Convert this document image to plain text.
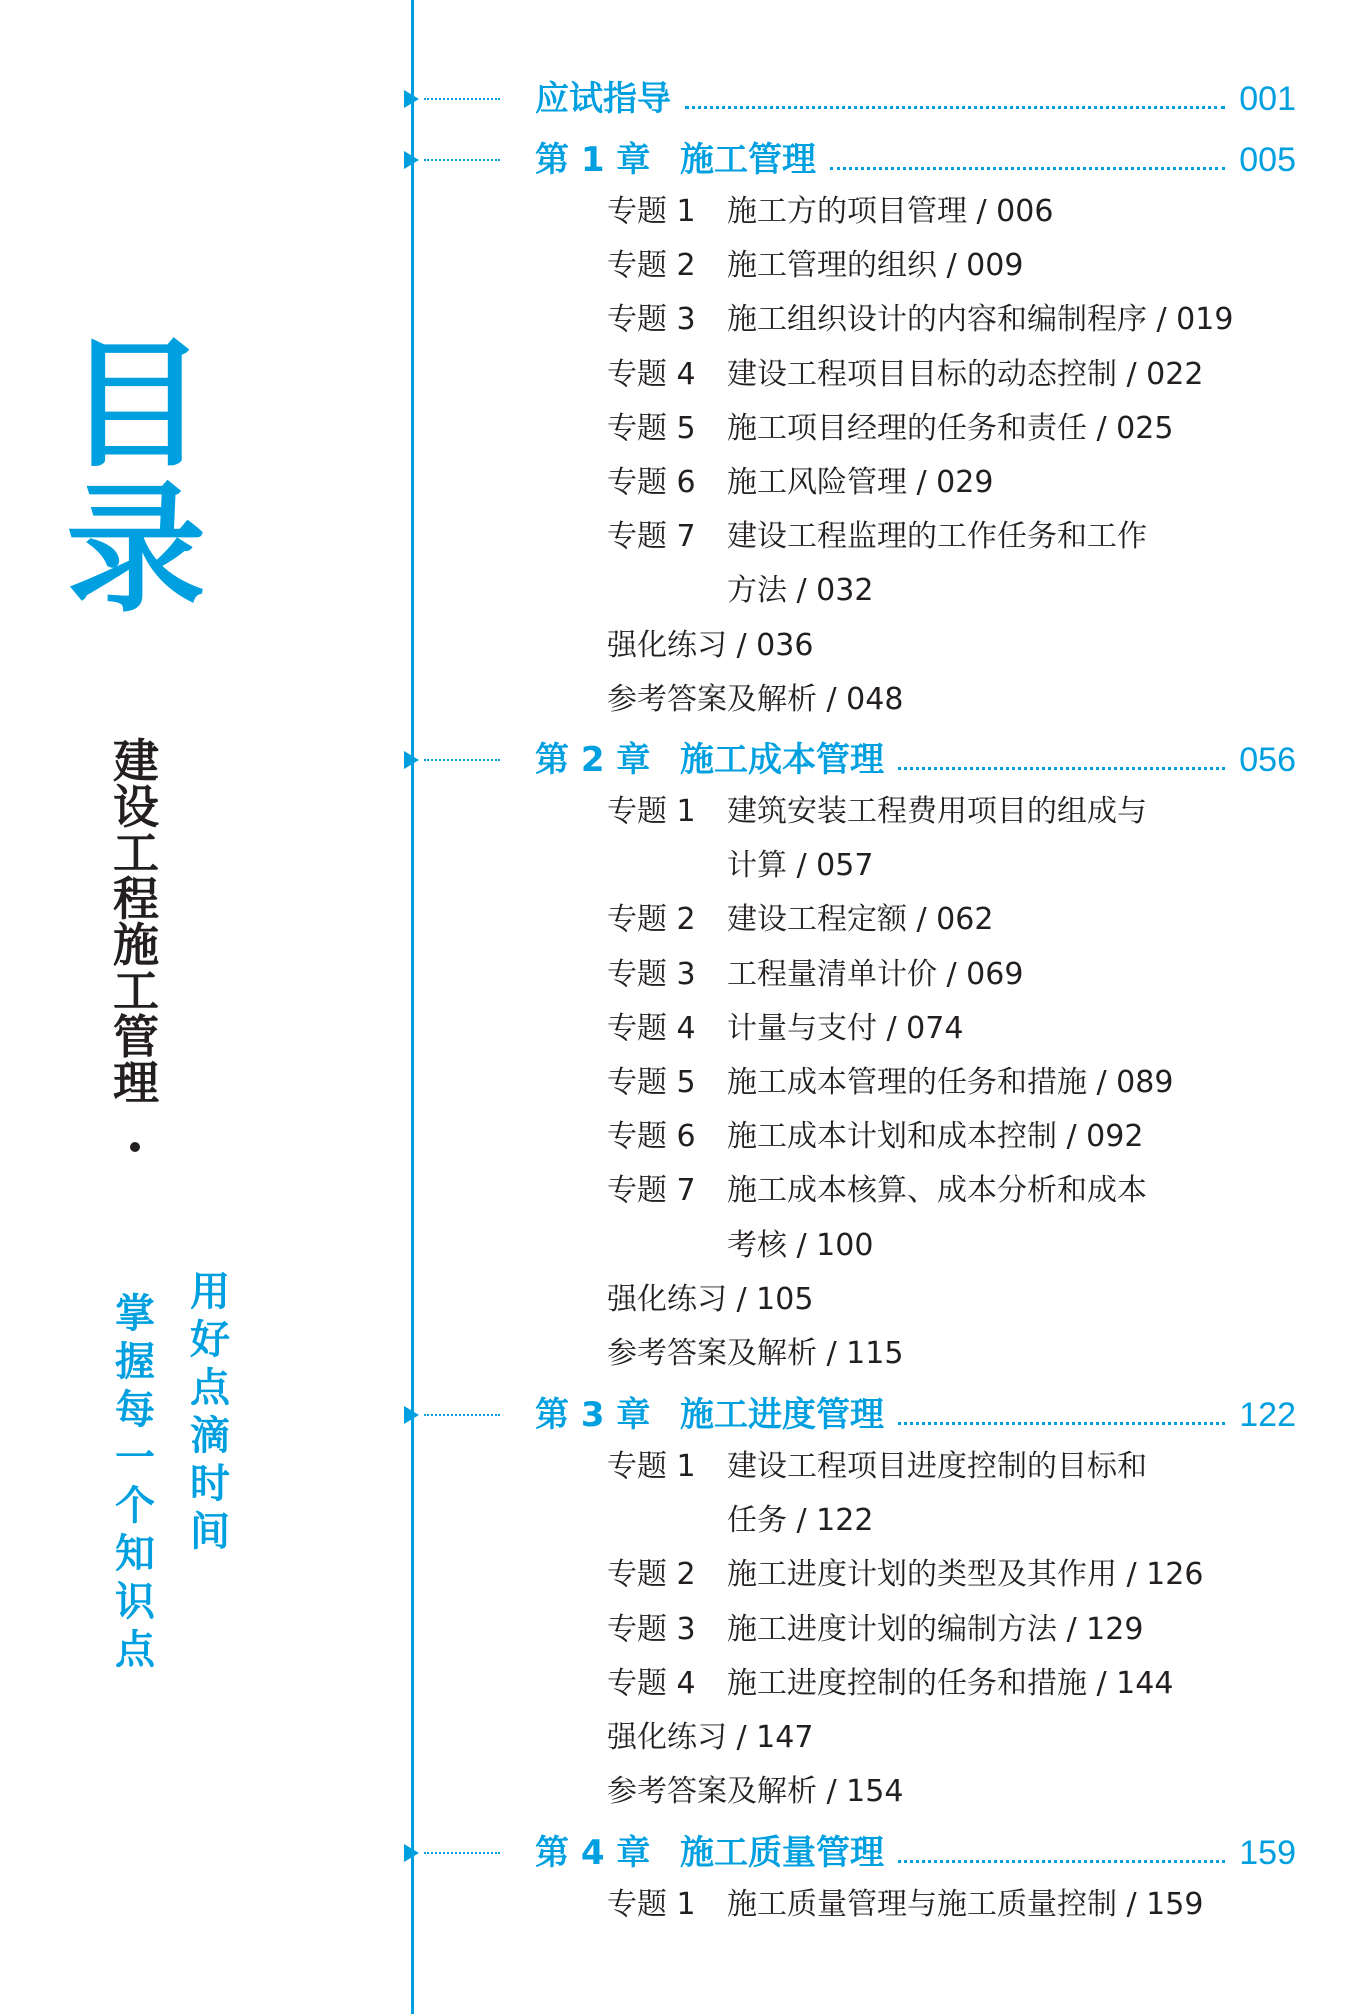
目
录
建设工程施工管理
用好点滴时间
掌握每一个知识点
应试指导	001
第 1 章 施工管理	005
专题 1 施工方的项目管理 / 006
专题 2 施工管理的组织 / 009
专题 3 施工组织设计的内容和编制程序 / 019
专题 4 建设工程项目目标的动态控制 / 022
专题 5 施工项目经理的任务和责任 / 025
专题 6 施工风险管理 / 029
专题 7 建设工程监理的工作任务和工作
方法 / 032
强化练习 / 036
参考答案及解析 / 048
第 2 章 施工成本管理	056
专题 1 建筑安装工程费用项目的组成与
计算 / 057
专题 2 建设工程定额 / 062
专题 3 工程量清单计价 / 069
专题 4 计量与支付 / 074
专题 5 施工成本管理的任务和措施 / 089
专题 6 施工成本计划和成本控制 / 092
专题 7 施工成本核算、成本分析和成本
考核 / 100
强化练习 / 105
参考答案及解析 / 115
第 3 章 施工进度管理	122
专题 1 建设工程项目进度控制的目标和
任务 / 122
专题 2 施工进度计划的类型及其作用 / 126
专题 3 施工进度计划的编制方法 / 129
专题 4 施工进度控制的任务和措施 / 144
强化练习 / 147
参考答案及解析 / 154
第 4 章 施工质量管理	159
专题 1 施工质量管理与施工质量控制 / 159
